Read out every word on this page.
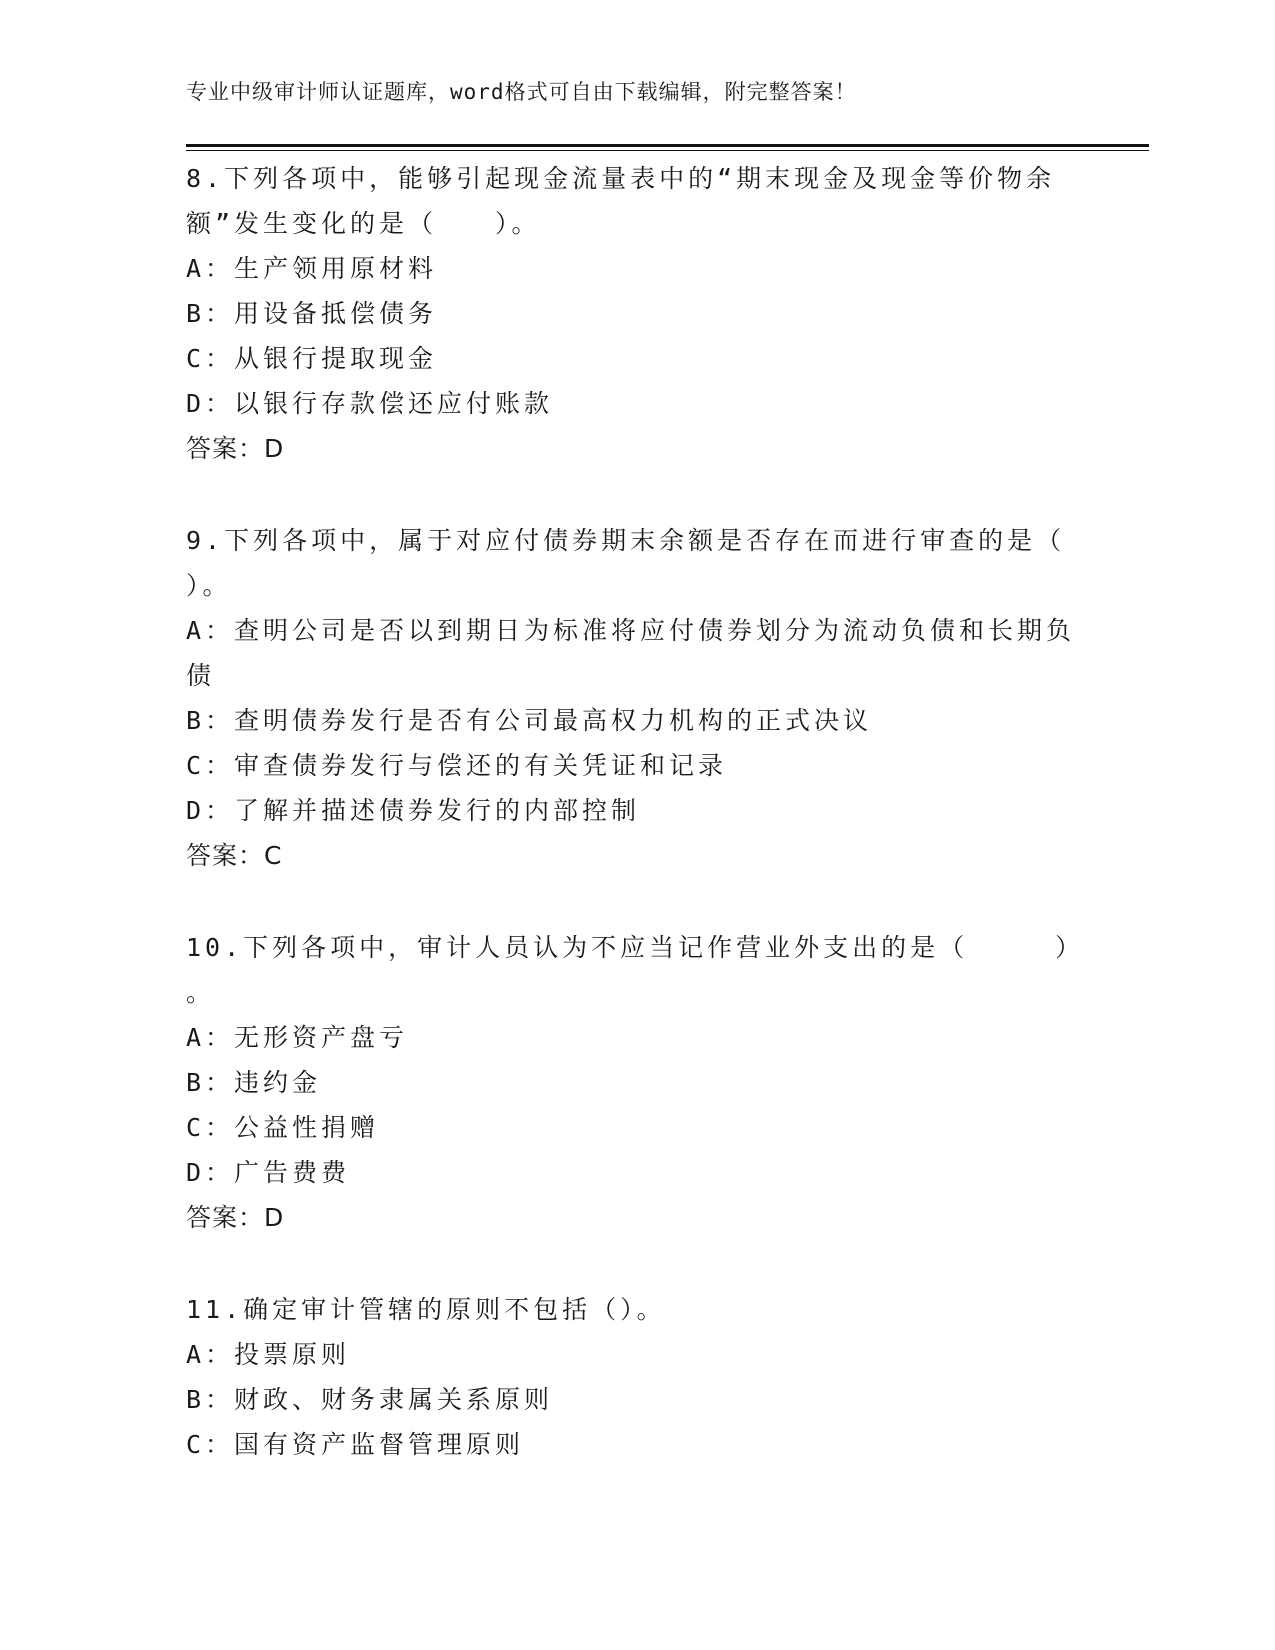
专业中级审计师认证题库，word格式可自由下载编辑，附完整答案！
8.下列各项中，能够引起现金流量表中的“期末现金及现金等价物余
额”发生变化的是（　　）。
A：生产领用原材料
B：用设备抵偿债务
C：从银行提取现金
D：以银行存款偿还应付账款
答案：D
9.下列各项中，属于对应付债券期末余额是否存在而进行审查的是（
）。
A：查明公司是否以到期日为标准将应付债券划分为流动负债和长期负
债
B：查明债券发行是否有公司最高权力机构的正式决议
C：审查债券发行与偿还的有关凭证和记录
D：了解并描述债券发行的内部控制
答案：C
10.下列各项中，审计人员认为不应当记作营业外支出的是（　　　）
。
A：无形资产盘亏
B：违约金
C：公益性捐赠
D：广告费费
答案：D
11.确定审计管辖的原则不包括（）。
A：投票原则
B：财政、财务隶属关系原则
C：国有资产监督管理原则
